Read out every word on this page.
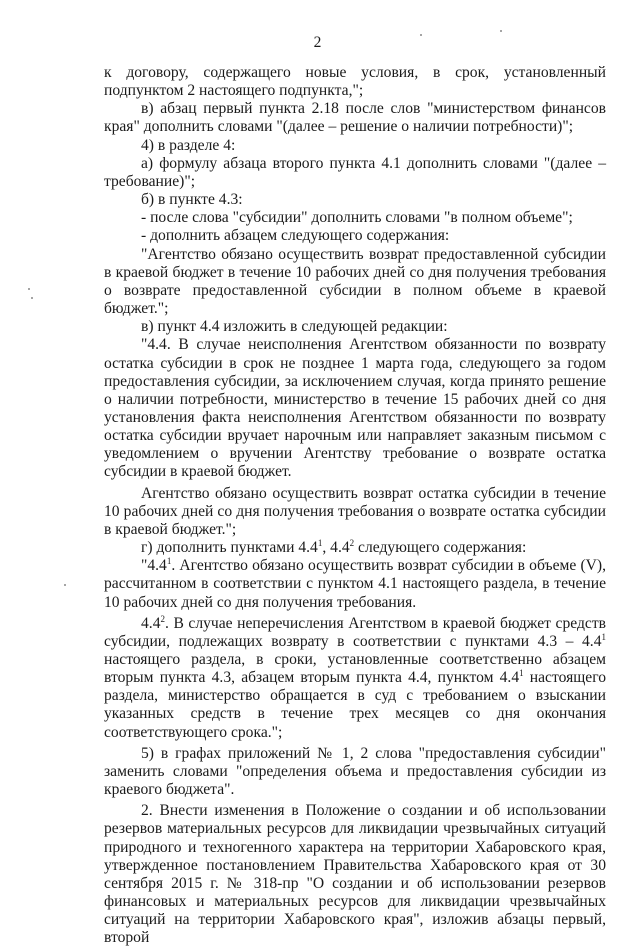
2

к договору, содержащего новые условия, в срок, установленный подпунктом 2 настоящего подпункта,";

в) абзац первый пункта 2.18 после слов "министерством финансов края" дополнить словами "(далее – решение о наличии потребности)";

4) в разделе 4:

а) формулу абзаца второго пункта 4.1 дополнить словами "(далее – требование)";

б) в пункте 4.3:

- после слова "субсидии" дополнить словами "в полном объеме";

- дополнить абзацем следующего содержания:

"Агентство обязано осуществить возврат предоставленной субсидии в краевой бюджет в течение 10 рабочих дней со дня получения требования о возврате предоставленной субсидии в полном объеме в краевой бюджет.";

в) пункт 4.4 изложить в следующей редакции:

"4.4. В случае неисполнения Агентством обязанности по возврату остатка субсидии в срок не позднее 1 марта года, следующего за годом предоставления субсидии, за исключением случая, когда принято решение о наличии потребности, министерство в течение 15 рабочих дней со дня установления факта неисполнения Агентством обязанности по возврату остатка субсидии вручает нарочным или направляет заказным письмом с уведомлением о вручении Агентству требование о возврате остатка субсидии в краевой бюджет.

Агентство обязано осуществить возврат остатка субсидии в течение 10 рабочих дней со дня получения требования о возврате остатка субсидии в краевой бюджет.";

г) дополнить пунктами $4.4^1$, $4.4^2$ следующего содержания:

"$4.4^1$. Агентство обязано осуществить возврат субсидии в объеме (V), рассчитанном в соответствии с пунктом 4.1 настоящего раздела, в течение 10 рабочих дней со дня получения требования.

$4.4^2$. В случае неперечисления Агентством в краевой бюджет средств субсидии, подлежащих возврату в соответствии с пунктами $4.3 - 4.4^1$ настоящего раздела, в сроки, установленные соответственно абзацем вторым пункта 4.3, абзацем вторым пункта 4.4, пунктом $4.4^1$ настоящего раздела, министерство обращается в суд с требованием о взыскании указанных средств в течение трех месяцев со дня окончания соответствующего срока.";

5) в графах приложений № 1, 2 слова "предоставления субсидии" заменить словами "определения объема и предоставления субсидии из краевого бюджета".

2. Внести изменения в Положение о создании и об использовании резервов материальных ресурсов для ликвидации чрезвычайных ситуаций природного и техногенного характера на территории Хабаровского края, утвержденное постановлением Правительства Хабаровского края от 30 сентября 2015 г. № 318-пр "О создании и об использовании резервов финансовых и материальных ресурсов для ликвидации чрезвычайных ситуаций на территории Хабаровского края", изложив абзацы первый, второй
